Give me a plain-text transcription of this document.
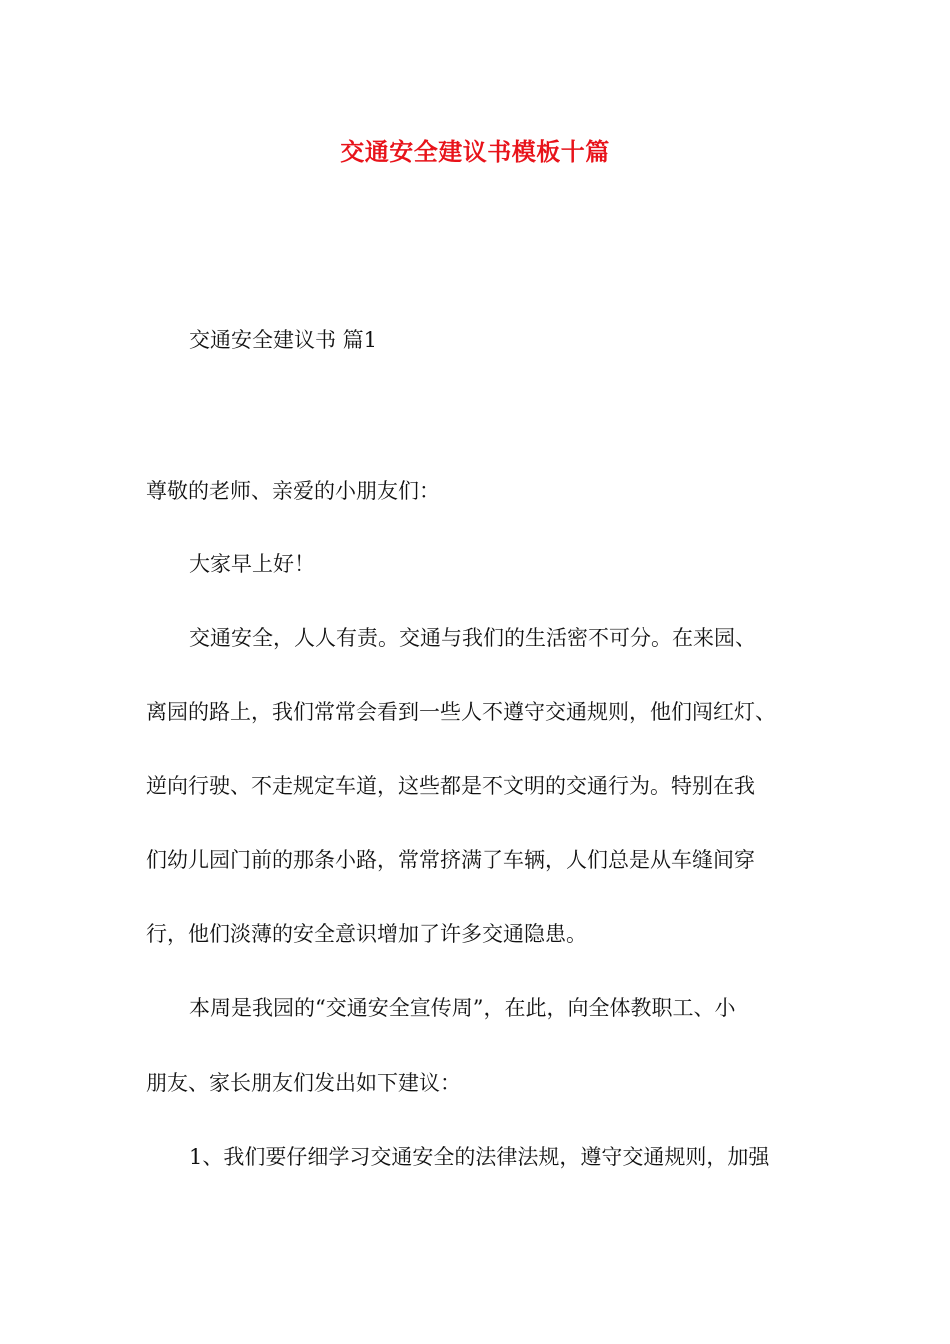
交通安全建议书模板十篇
交通安全建议书 篇1
尊敬的老师、亲爱的小朋友们：
大家早上好！
交通安全，人人有责。交通与我们的生活密不可分。在来园、
离园的路上，我们常常会看到一些人不遵守交通规则，他们闯红灯、
逆向行驶、不走规定车道，这些都是不文明的交通行为。特别在我
们幼儿园门前的那条小路，常常挤满了车辆，人们总是从车缝间穿
行，他们淡薄的安全意识增加了许多交通隐患。
本周是我园的“交通安全宣传周”，在此，向全体教职工、小
朋友、家长朋友们发出如下建议：
1、我们要仔细学习交通安全的法律法规，遵守交通规则，加强
